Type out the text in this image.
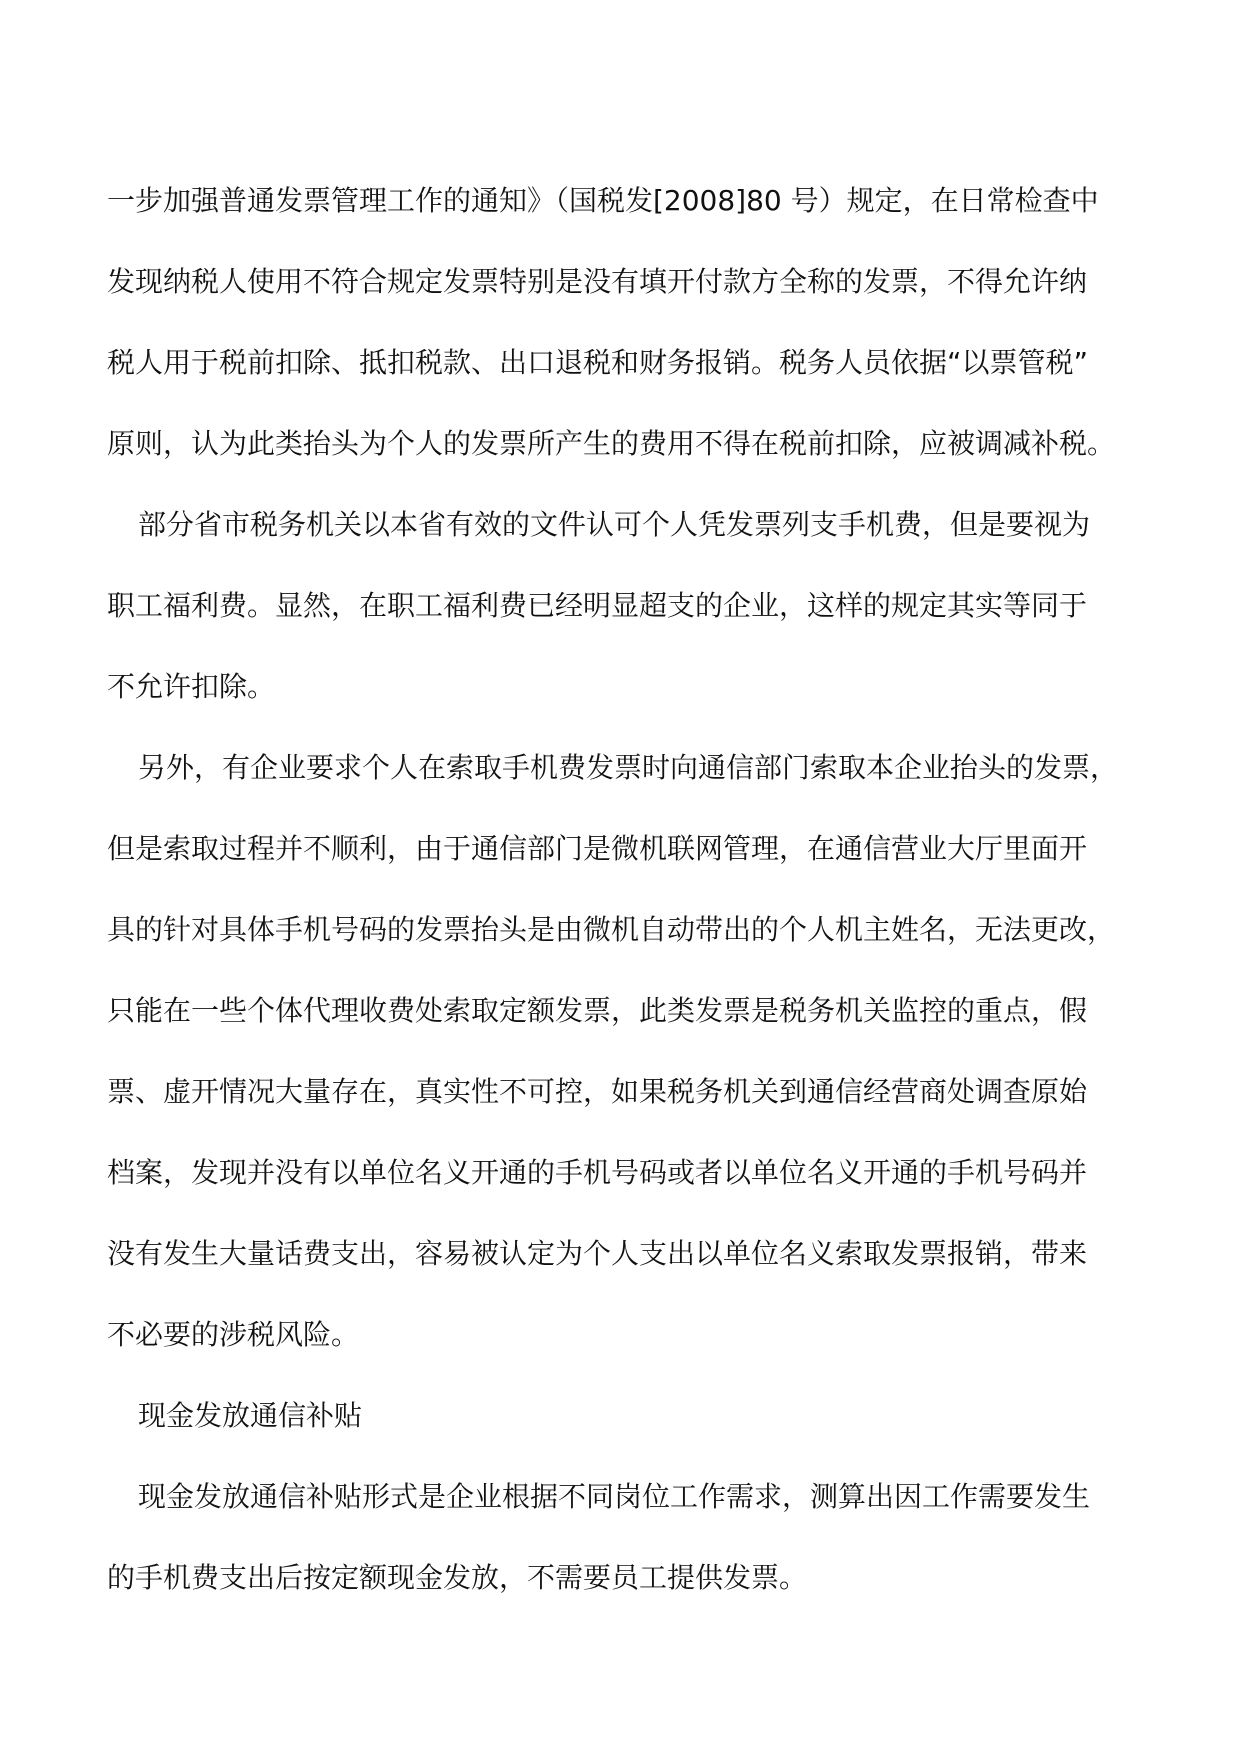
一步加强普通发票管理工作的通知》（国税发[2008]80 号）规定，在日常检查中
发现纳税人使用不符合规定发票特别是没有填开付款方全称的发票，不得允许纳
税人用于税前扣除、抵扣税款、出口退税和财务报销。税务人员依据“以票管税”
原则，认为此类抬头为个人的发票所产生的费用不得在税前扣除，应被调减补税。
部分省市税务机关以本省有效的文件认可个人凭发票列支手机费，但是要视为
职工福利费。显然，在职工福利费已经明显超支的企业，这样的规定其实等同于
不允许扣除。
另外，有企业要求个人在索取手机费发票时向通信部门索取本企业抬头的发票，
但是索取过程并不顺利，由于通信部门是微机联网管理，在通信营业大厅里面开
具的针对具体手机号码的发票抬头是由微机自动带出的个人机主姓名，无法更改，
只能在一些个体代理收费处索取定额发票，此类发票是税务机关监控的重点，假
票、虚开情况大量存在，真实性不可控，如果税务机关到通信经营商处调查原始
档案，发现并没有以单位名义开通的手机号码或者以单位名义开通的手机号码并
没有发生大量话费支出，容易被认定为个人支出以单位名义索取发票报销，带来
不必要的涉税风险。
现金发放通信补贴
现金发放通信补贴形式是企业根据不同岗位工作需求，测算出因工作需要发生
的手机费支出后按定额现金发放，不需要员工提供发票。
